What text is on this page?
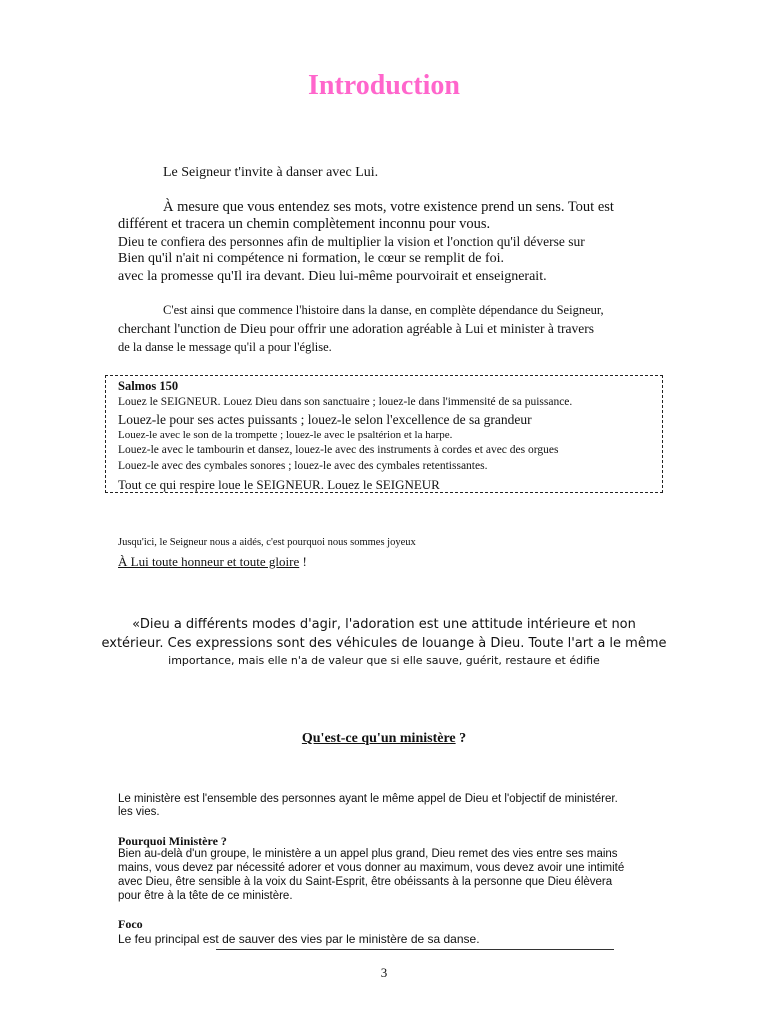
Introduction
Le Seigneur t'invite à danser avec Lui.
À mesure que vous entendez ses mots, votre existence prend un sens. Tout est
différent et tracera un chemin complètement inconnu pour vous.
Dieu te confiera des personnes afin de multiplier la vision et l'onction qu'il déverse sur
Bien qu'il n'ait ni compétence ni formation, le cœur se remplit de foi.
avec la promesse qu'Il ira devant. Dieu lui-même pourvoirait et enseignerait.
C'est ainsi que commence l'histoire dans la danse, en complète dépendance du Seigneur,
cherchant l'unction de Dieu pour offrir une adoration agréable à Lui et minister à travers
de la danse le message qu'il a pour l'église.
Salmos 150
Louez le SEIGNEUR. Louez Dieu dans son sanctuaire ; louez-le dans l'immensité de sa puissance.
Louez-le pour ses actes puissants ; louez-le selon l'excellence de sa grandeur
Louez-le avec le son de la trompette ; louez-le avec le psaltérion et la harpe.
Louez-le avec le tambourin et dansez, louez-le avec des instruments à cordes et avec des orgues
Louez-le avec des cymbales sonores ; louez-le avec des cymbales retentissantes.
Tout ce qui respire loue le SEIGNEUR. Louez le SEIGNEUR
Jusqu'ici, le Seigneur nous a aidés, c'est pourquoi nous sommes joyeux
À Lui toute honneur et toute gloire !
«Dieu a différents modes d'agir, l'adoration est une attitude intérieure et non
extérieur. Ces expressions sont des véhicules de louange à Dieu. Toute l'art a le même
importance, mais elle n'a de valeur que si elle sauve, guérit, restaure et édifie
Qu'est-ce qu'un ministère ?
Le ministère est l'ensemble des personnes ayant le même appel de Dieu et l'objectif de ministérer.
les vies.
Pourquoi Ministère ?
Bien au-delà d'un groupe, le ministère a un appel plus grand, Dieu remet des vies entre ses mains
mains, vous devez par nécessité adorer et vous donner au maximum, vous devez avoir une intimité
avec Dieu, être sensible à la voix du Saint-Esprit, être obéissants à la personne que Dieu élèvera
pour être à la tête de ce ministère.
Foco
Le feu principal est de sauver des vies par le ministère de sa danse.
3
